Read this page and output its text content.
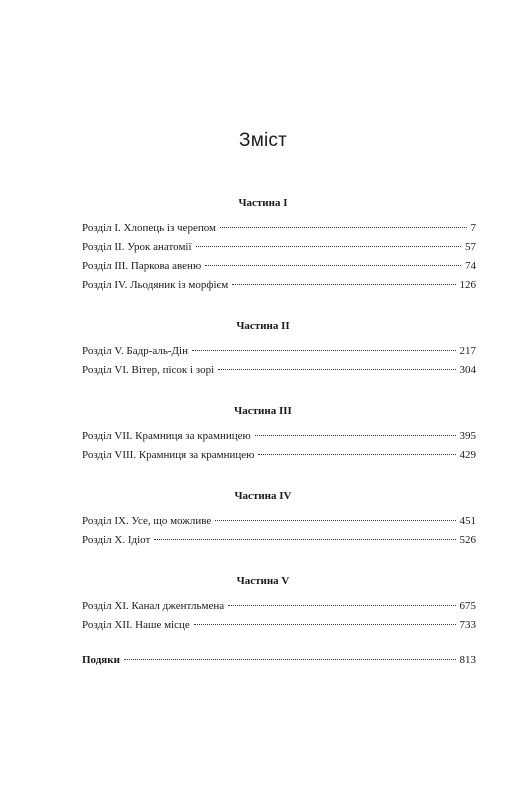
Зміст
Частина I
Розділ I. Хлопець із черепом	7
Розділ II. Урок анатомії	57
Розділ III. Паркова авеню	74
Розділ IV. Льодяник із морфієм	126
Частина II
Розділ V. Бадр-аль-Дін	217
Розділ VI. Вітер, пісок і зорі	304
Частина III
Розділ VII. Крамниця за крамницею	395
Розділ VIII. Крамниця за крамницею	429
Частина IV
Розділ IX. Усе, що можливе	451
Розділ X. Ідіот	526
Частина V
Розділ XI. Канал джентльмена	675
Розділ XII. Наше місце	733
Подяки	813
